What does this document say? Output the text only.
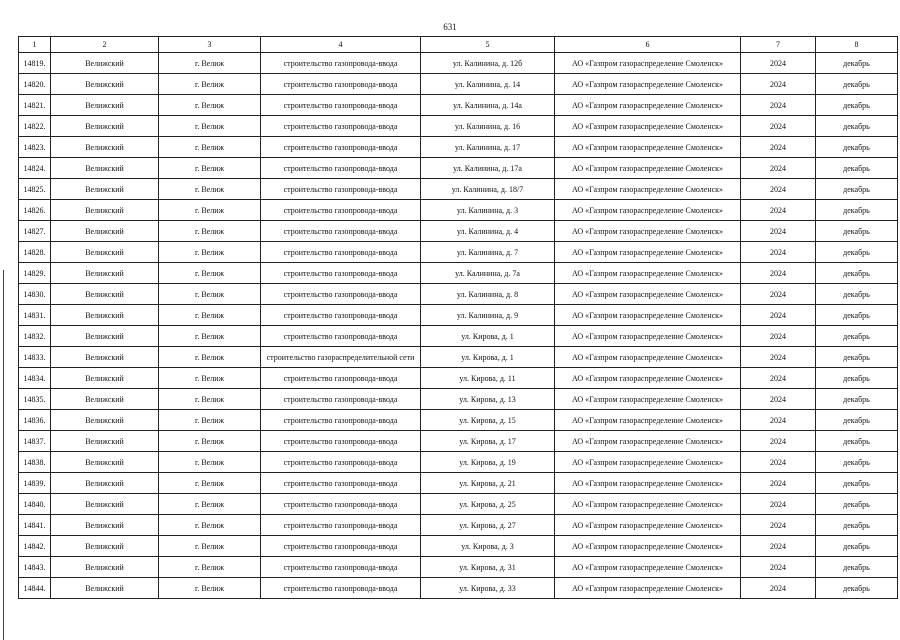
631
1	2	3	4	5	6	7	8
14819.	Велижский	г. Велиж	строительство газопровода-ввода	ул. Калинина, д. 12б	АО «Газпром газораспределение Смоленск»	2024	декабрь
14820.	Велижский	г. Велиж	строительство газопровода-ввода	ул. Калинина, д. 14	АО «Газпром газораспределение Смоленск»	2024	декабрь
14821.	Велижский	г. Велиж	строительство газопровода-ввода	ул. Калинина, д. 14а	АО «Газпром газораспределение Смоленск»	2024	декабрь
14822.	Велижский	г. Велиж	строительство газопровода-ввода	ул. Калинина, д. 16	АО «Газпром газораспределение Смоленск»	2024	декабрь
14823.	Велижский	г. Велиж	строительство газопровода-ввода	ул. Калинина, д. 17	АО «Газпром газораспределение Смоленск»	2024	декабрь
14824.	Велижский	г. Велиж	строительство газопровода-ввода	ул. Калинина, д. 17а	АО «Газпром газораспределение Смоленск»	2024	декабрь
14825.	Велижский	г. Велиж	строительство газопровода-ввода	ул. Калинина, д. 18/7	АО «Газпром газораспределение Смоленск»	2024	декабрь
14826.	Велижский	г. Велиж	строительство газопровода-ввода	ул. Калинина, д. 3	АО «Газпром газораспределение Смоленск»	2024	декабрь
14827.	Велижский	г. Велиж	строительство газопровода-ввода	ул. Калинина, д. 4	АО «Газпром газораспределение Смоленск»	2024	декабрь
14828.	Велижский	г. Велиж	строительство газопровода-ввода	ул. Калинина, д. 7	АО «Газпром газораспределение Смоленск»	2024	декабрь
14829.	Велижский	г. Велиж	строительство газопровода-ввода	ул. Калинина, д. 7а	АО «Газпром газораспределение Смоленск»	2024	декабрь
14830.	Велижский	г. Велиж	строительство газопровода-ввода	ул. Калинина, д. 8	АО «Газпром газораспределение Смоленск»	2024	декабрь
14831.	Велижский	г. Велиж	строительство газопровода-ввода	ул. Калинина, д. 9	АО «Газпром газораспределение Смоленск»	2024	декабрь
14832.	Велижский	г. Велиж	строительство газопровода-ввода	ул. Кирова, д. 1	АО «Газпром газораспределение Смоленск»	2024	декабрь
14833.	Велижский	г. Велиж	строительство газораспределительной сети	ул. Кирова, д. 1	АО «Газпром газораспределение Смоленск»	2024	декабрь
14834.	Велижский	г. Велиж	строительство газопровода-ввода	ул. Кирова, д. 11	АО «Газпром газораспределение Смоленск»	2024	декабрь
14835.	Велижский	г. Велиж	строительство газопровода-ввода	ул. Кирова, д. 13	АО «Газпром газораспределение Смоленск»	2024	декабрь
14836.	Велижский	г. Велиж	строительство газопровода-ввода	ул. Кирова, д. 15	АО «Газпром газораспределение Смоленск»	2024	декабрь
14837.	Велижский	г. Велиж	строительство газопровода-ввода	ул. Кирова, д. 17	АО «Газпром газораспределение Смоленск»	2024	декабрь
14838.	Велижский	г. Велиж	строительство газопровода-ввода	ул. Кирова, д. 19	АО «Газпром газораспределение Смоленск»	2024	декабрь
14839.	Велижский	г. Велиж	строительство газопровода-ввода	ул. Кирова, д. 21	АО «Газпром газораспределение Смоленск»	2024	декабрь
14840.	Велижский	г. Велиж	строительство газопровода-ввода	ул. Кирова, д. 25	АО «Газпром газораспределение Смоленск»	2024	декабрь
14841.	Велижский	г. Велиж	строительство газопровода-ввода	ул. Кирова, д. 27	АО «Газпром газораспределение Смоленск»	2024	декабрь
14842.	Велижский	г. Велиж	строительство газопровода-ввода	ул. Кирова, д. 3	АО «Газпром газораспределение Смоленск»	2024	декабрь
14843.	Велижский	г. Велиж	строительство газопровода-ввода	ул. Кирова, д. 31	АО «Газпром газораспределение Смоленск»	2024	декабрь
14844.	Велижский	г. Велиж	строительство газопровода-ввода	ул. Кирова, д. 33	АО «Газпром газораспределение Смоленск»	2024	декабрь
